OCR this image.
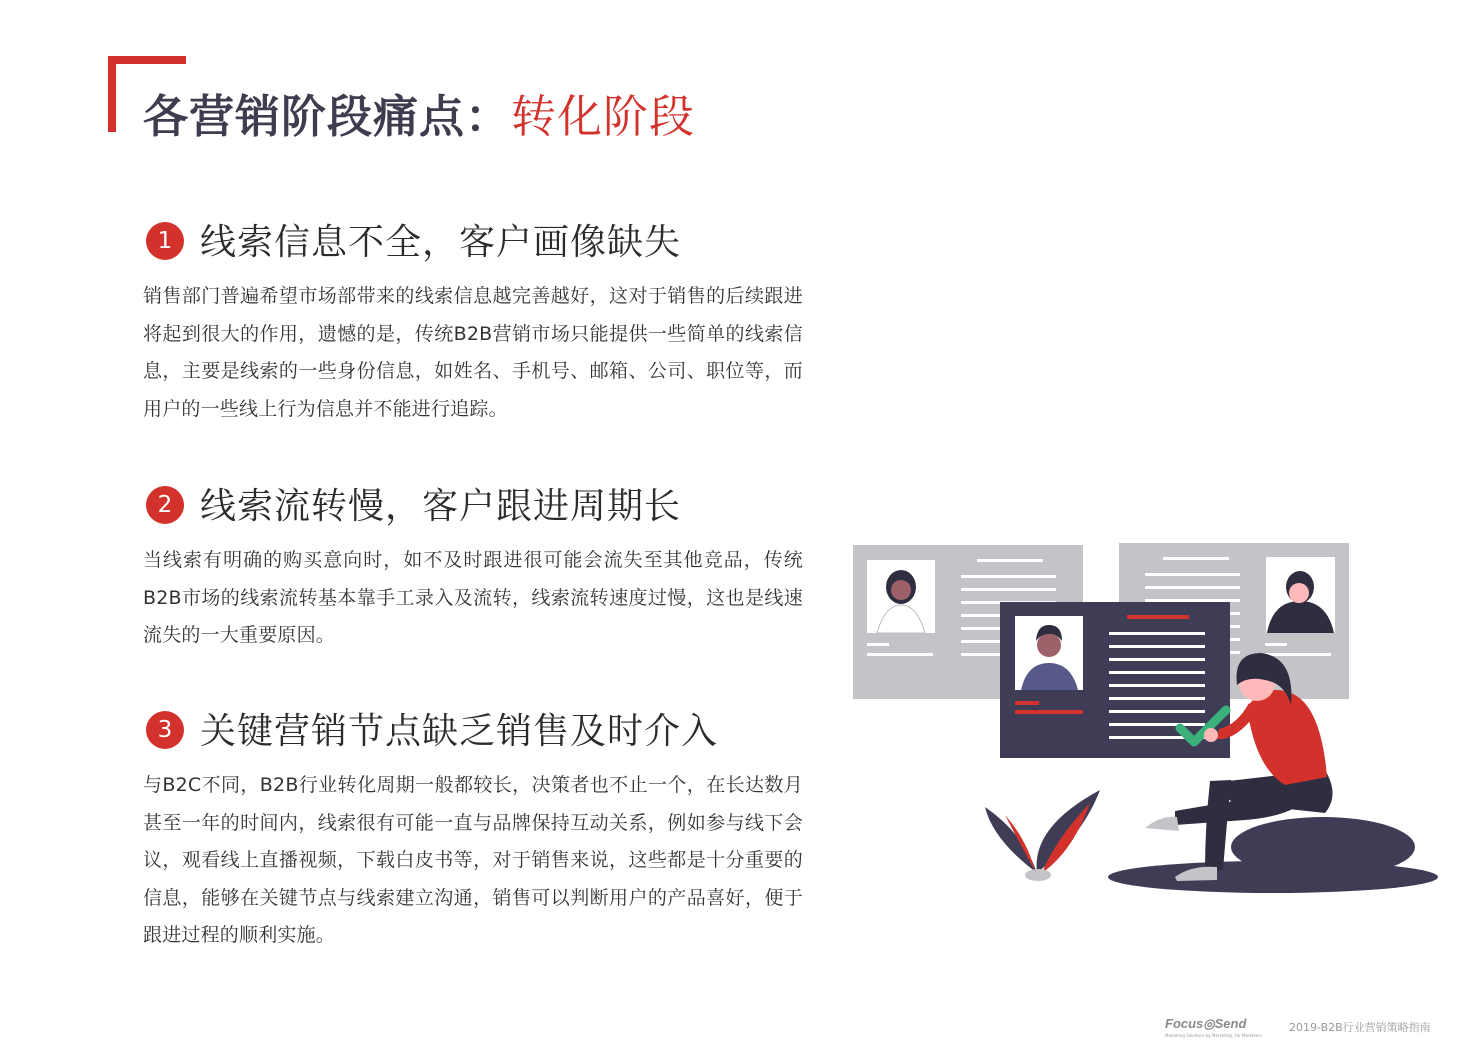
各营销阶段痛点：转化阶段
1 线索信息不全，客户画像缺失

销售部门普遍希望市场部带来的线索信息越完善越好，这对于销售的后续跟进将起到很大的作用，遗憾的是，传统B2B营销市场只能提供一些简单的线索信息，主要是线索的一些身份信息，如姓名、手机号、邮箱、公司、职位等，而用户的一些线上行为信息并不能进行追踪。

2 线索流转慢，客户跟进周期长

当线索有明确的购买意向时，如不及时跟进很可能会流失至其他竞品，传统B2B市场的线索流转基本靠手工录入及流转，线索流转速度过慢，这也是线速流失的一大重要原因。

3 关键营销节点缺乏销售及时介入

与B2C不同，B2B行业转化周期一般都较长，决策者也不止一个，在长达数月甚至一年的时间内，线索很有可能一直与品牌保持互动关系，例如参与线下会议，观看线上直播视频，下载白皮书等，对于销售来说，这些都是十分重要的信息，能够在关键节点与线索建立沟通，销售可以判断用户的产品喜好，便于跟进过程的顺利实施。

Focus◎Send
Marketing Solutions by Marketing, For Marketers
2019-B2B行业营销策略指南
